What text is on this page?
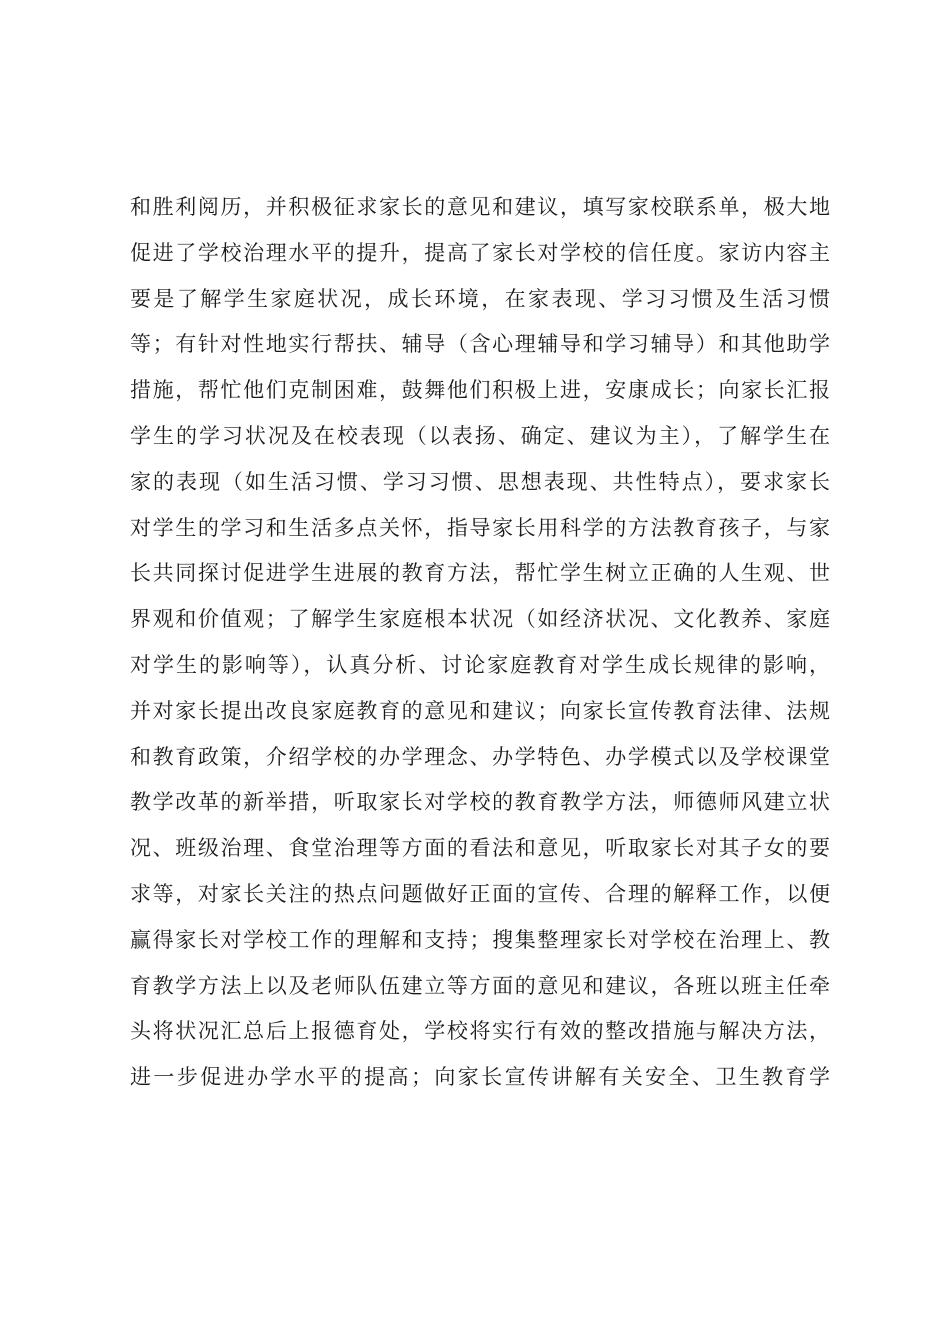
和胜利阅历，并积极征求家长的意见和建议，填写家校联系单，极大地
促进了学校治理水平的提升，提高了家长对学校的信任度。家访内容主
要是了解学生家庭状况，成长环境，在家表现、学习习惯及生活习惯
等；有针对性地实行帮扶、辅导（含心理辅导和学习辅导）和其他助学
措施，帮忙他们克制困难，鼓舞他们积极上进，安康成长；向家长汇报
学生的学习状况及在校表现（以表扬、确定、建议为主），了解学生在
家的表现（如生活习惯、学习习惯、思想表现、共性特点），要求家长
对学生的学习和生活多点关怀，指导家长用科学的方法教育孩子，与家
长共同探讨促进学生进展的教育方法，帮忙学生树立正确的人生观、世
界观和价值观；了解学生家庭根本状况（如经济状况、文化教养、家庭
对学生的影响等），认真分析、讨论家庭教育对学生成长规律的影响，
并对家长提出改良家庭教育的意见和建议；向家长宣传教育法律、法规
和教育政策，介绍学校的办学理念、办学特色、办学模式以及学校课堂
教学改革的新举措，听取家长对学校的教育教学方法，师德师风建立状
况、班级治理、食堂治理等方面的看法和意见，听取家长对其子女的要
求等，对家长关注的热点问题做好正面的宣传、合理的解释工作，以便
赢得家长对学校工作的理解和支持；搜集整理家长对学校在治理上、教
育教学方法上以及老师队伍建立等方面的意见和建议，各班以班主任牵
头将状况汇总后上报德育处，学校将实行有效的整改措施与解决方法，
进一步促进办学水平的提高；向家长宣传讲解有关安全、卫生教育学
